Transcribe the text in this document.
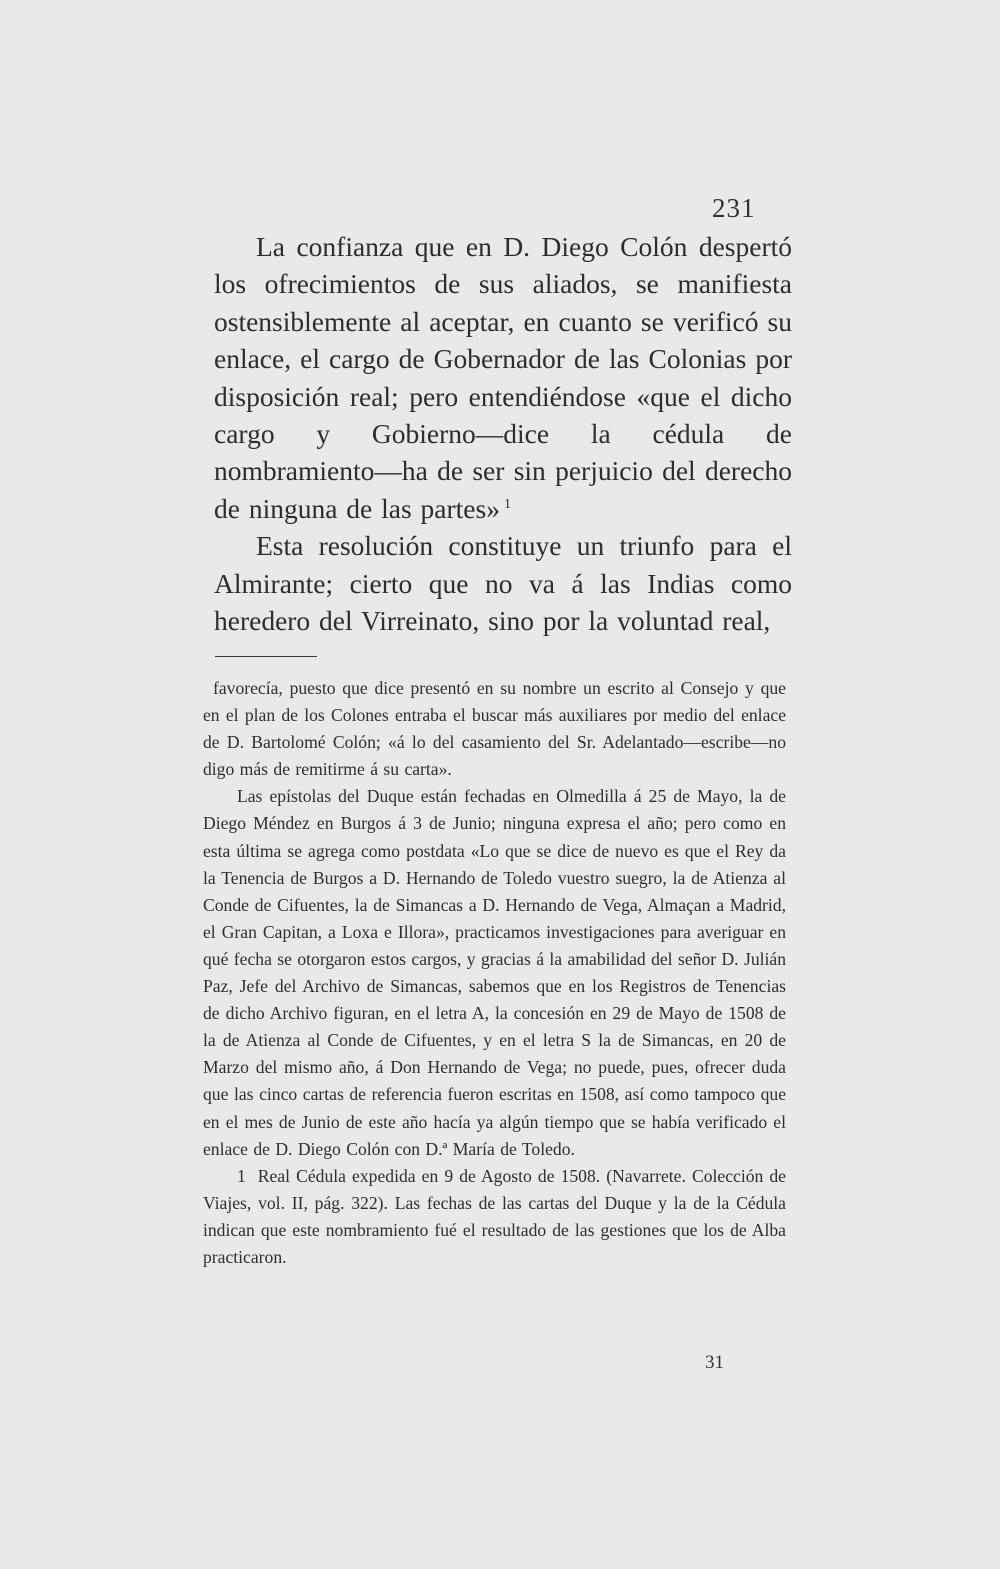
231

La confianza que en D. Diego Colón despertó los ofrecimientos de sus aliados, se manifiesta ostensiblemente al aceptar, en cuanto se verificó su enlace, el cargo de Gobernador de las Colonias por disposición real; pero entendiéndose «que el dicho cargo y Gobierno—dice la cédula de nombramiento—ha de ser sin perjuicio del derecho de ninguna de las partes» $^1$

Esta resolución constituye un triunfo para el Almirante; cierto que no va á las Indias como heredero del Virreinato, sino por la voluntad real,

favorecía, puesto que dice presentó en su nombre un escrito al Consejo y que en el plan de los Colones entraba el buscar más auxiliares por medio del enlace de D. Bartolomé Colón; «á lo del casamiento del Sr. Adelantado—escribe—no digo más de remitirme á su carta».

Las epístolas del Duque están fechadas en Olmedilla á 25 de Mayo, la de Diego Méndez en Burgos á 3 de Junio; ninguna expresa el año; pero como en esta última se agrega como postdata «Lo que se dice de nuevo es que el Rey da la Tenencia de Burgos a D. Hernando de Toledo vuestro suegro, la de Atienza al Conde de Cifuentes, la de Simancas a D. Hernando de Vega, Almaçan a Madrid, el Gran Capitan, a Loxa e Illora», practicamos investigaciones para averiguar en qué fecha se otorgaron estos cargos, y gracias á la amabilidad del señor D. Julián Paz, Jefe del Archivo de Simancas, sabemos que en los Registros de Tenencias de dicho Archivo figuran, en el letra A, la concesión en 29 de Mayo de 1508 de la de Atienza al Conde de Cifuentes, y en el letra S la de Simancas, en 20 de Marzo del mismo año, á Don Hernando de Vega; no puede, pues, ofrecer duda que las cinco cartas de referencia fueron escritas en 1508, así como tampoco que en el mes de Junio de este año hacía ya algún tiempo que se había verificado el enlace de D. Diego Colón con D.ª María de Toledo.

1 Real Cédula expedida en 9 de Agosto de 1508. (Navarrete. Colección de Viajes, vol. II, pág. 322). Las fechas de las cartas del Duque y la de la Cédula indican que este nombramiento fué el resultado de las gestiones que los de Alba practicaron.

31
